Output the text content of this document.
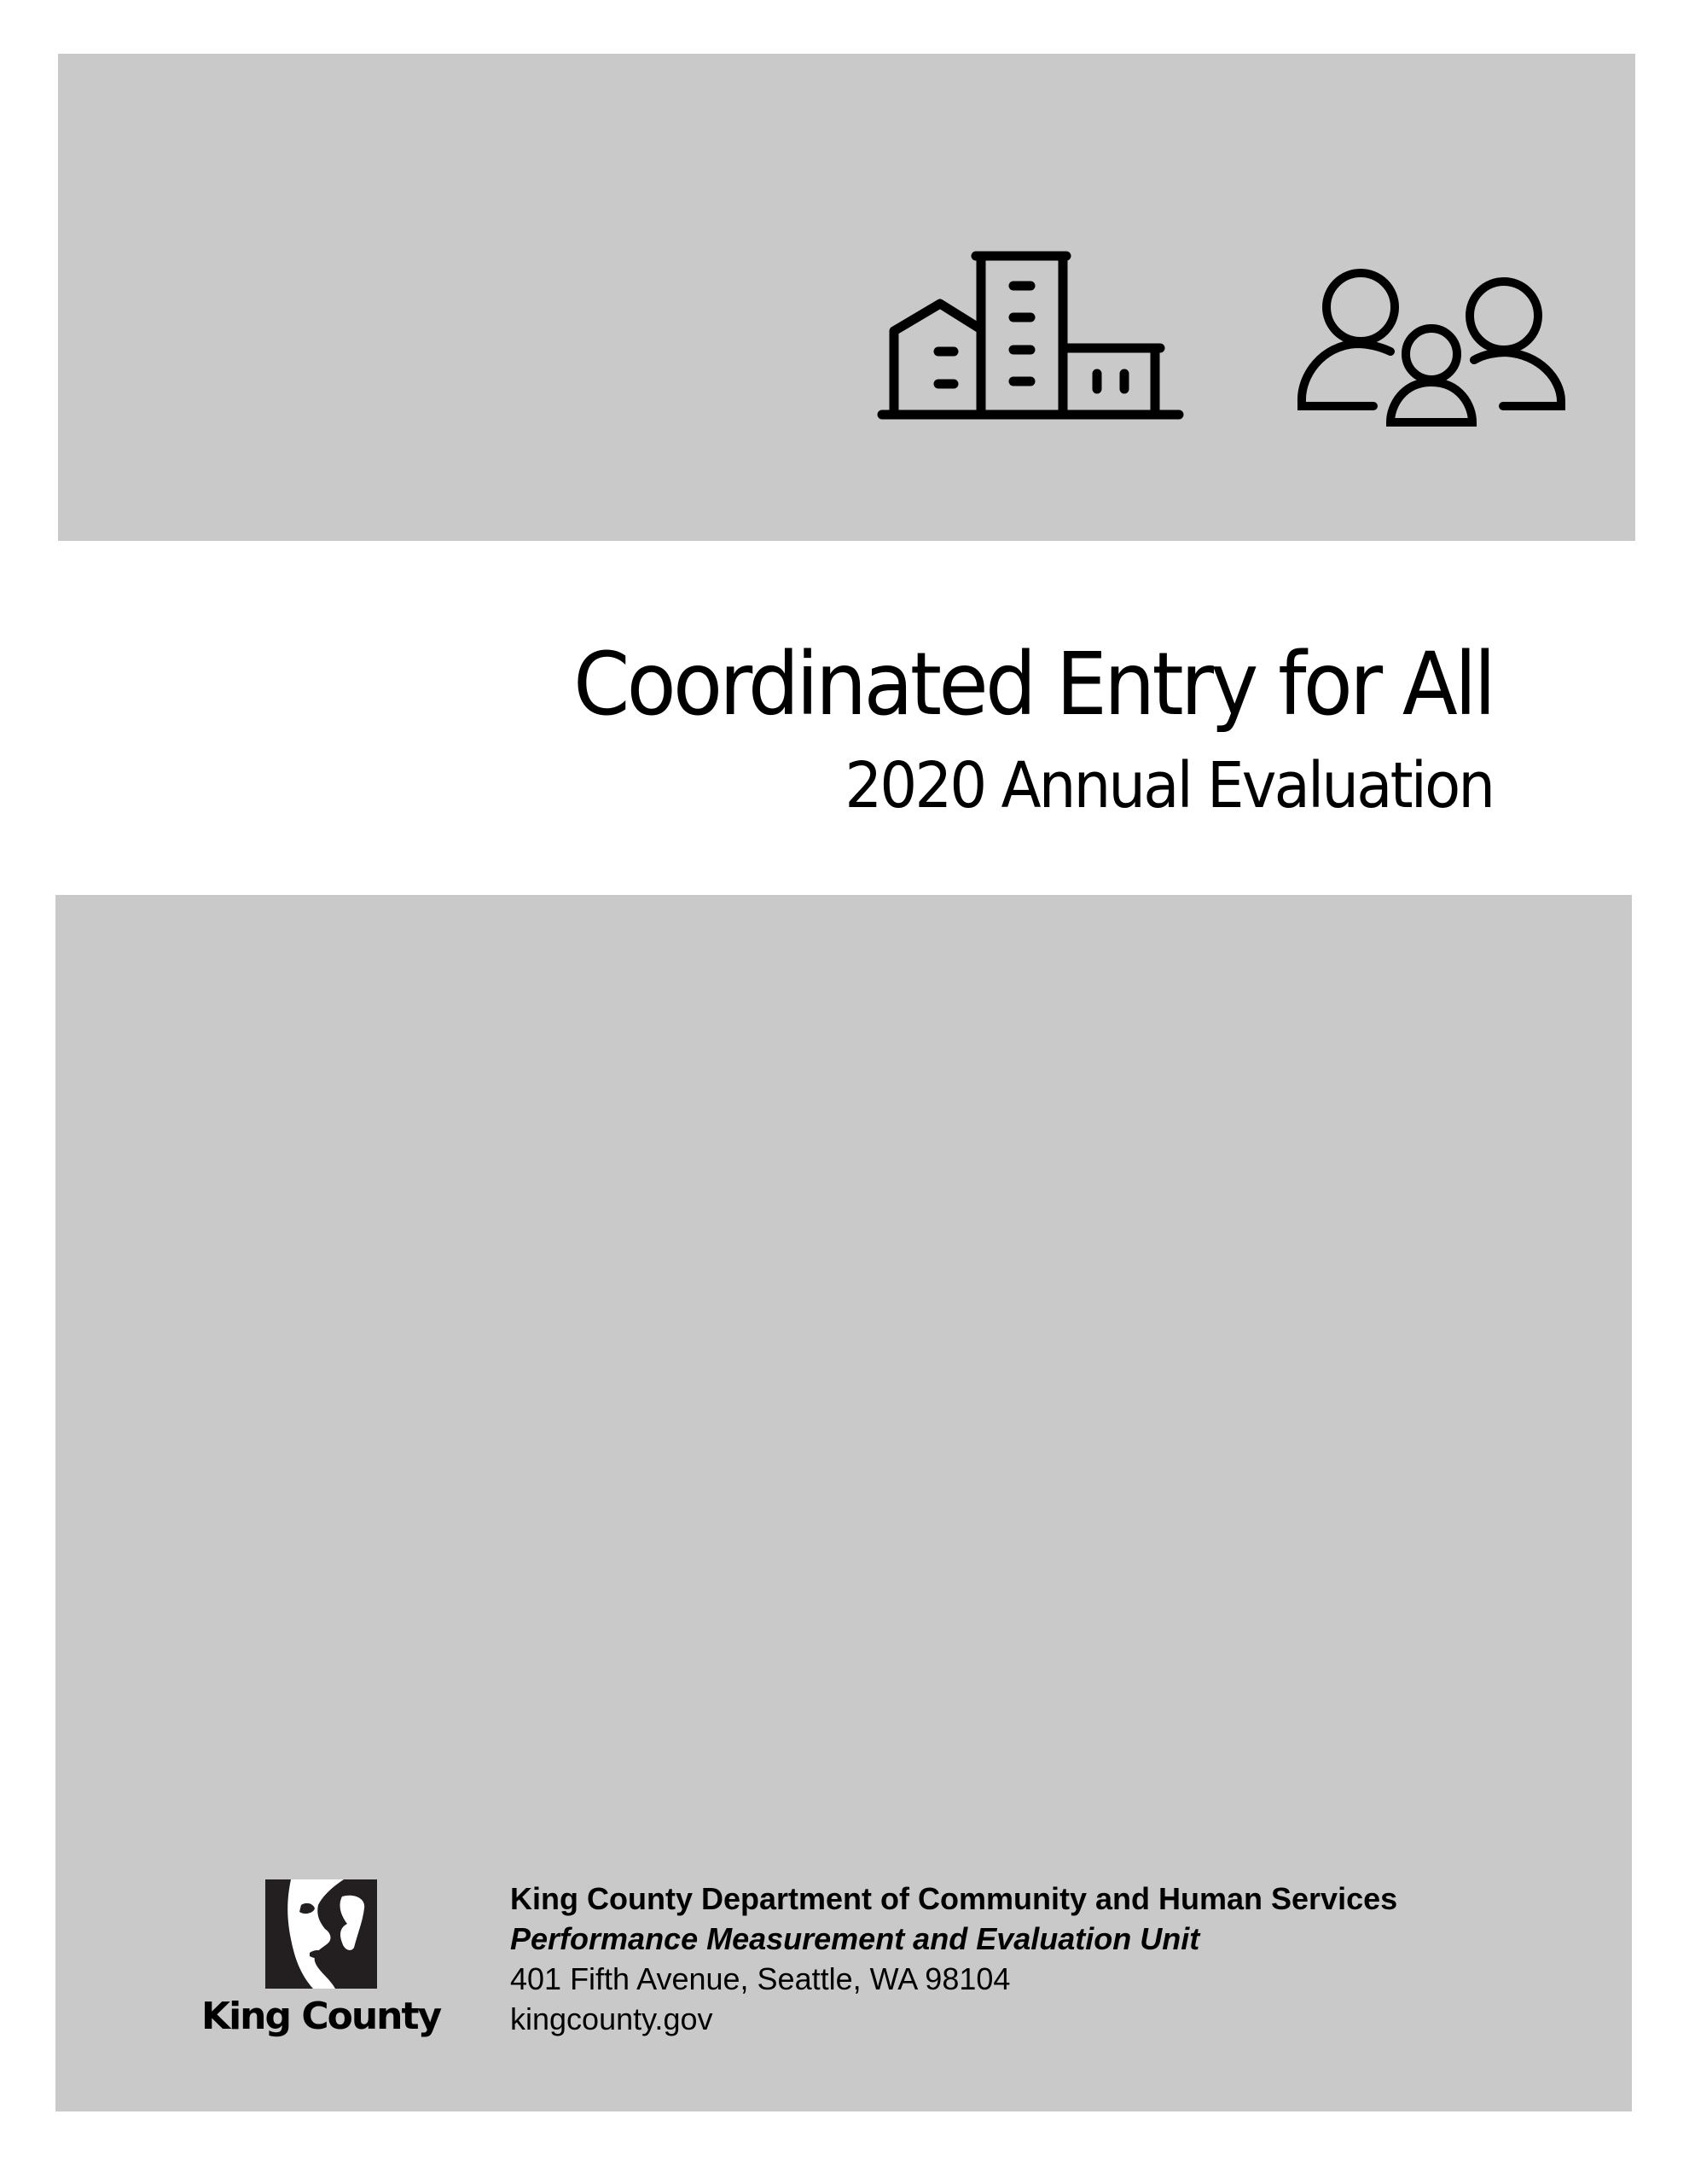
Coordinated Entry for All
2020 Annual Evaluation
King County
King County Department of Community and Human Services
Performance Measurement and Evaluation Unit
401 Fifth Avenue, Seattle, WA 98104
kingcounty.gov
